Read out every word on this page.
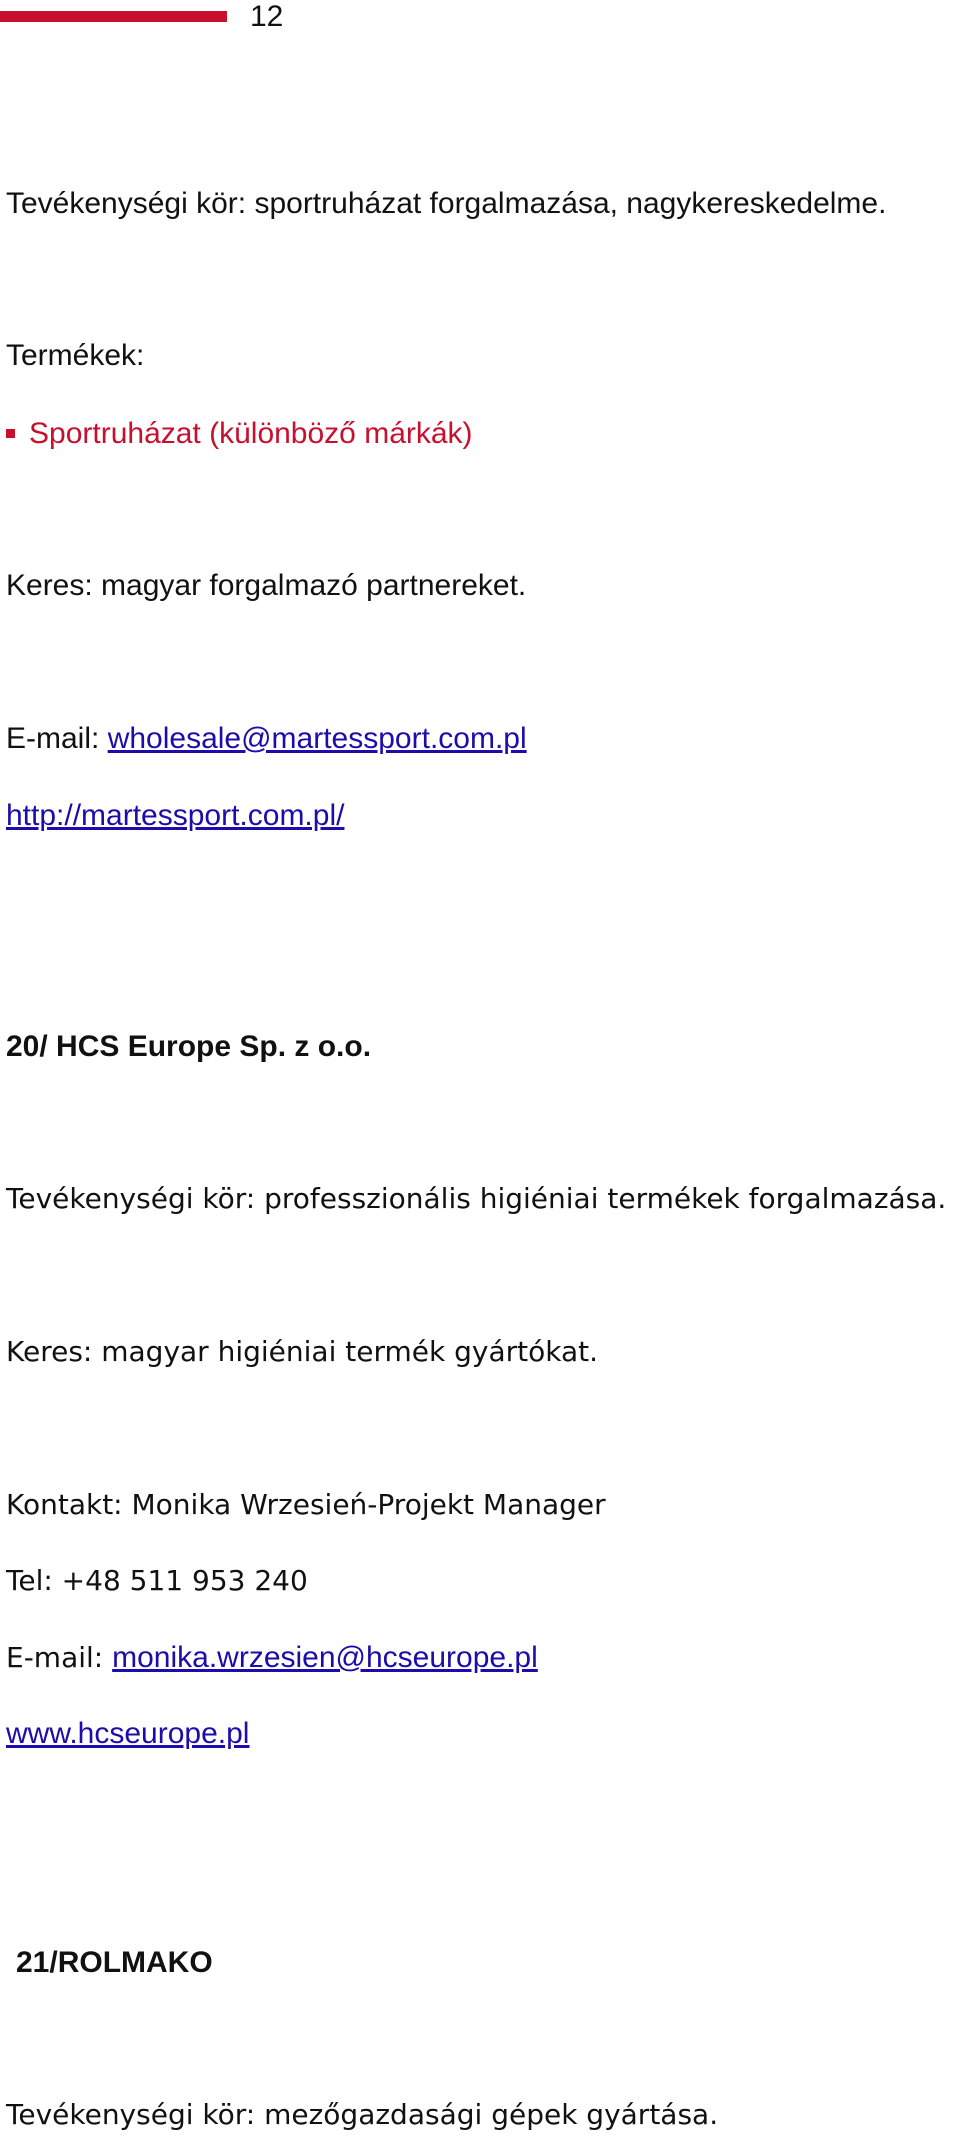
12
Tevékenységi kör: sportruházat forgalmazása, nagykereskedelme.
Termékek:
Sportruházat (különböző márkák)
Keres: magyar forgalmazó partnereket.
E-mail: wholesale@martessport.com.pl
http://martessport.com.pl/
20/ HCS Europe Sp. z o.o.
Tevékenységi kör: professzionális higiéniai termékek forgalmazása.
Keres: magyar higiéniai termék gyártókat.
Kontakt: Monika Wrzesień-Projekt Manager
Tel: +48 511 953 240
E-mail: monika.wrzesien@hcseurope.pl
www.hcseurope.pl
21/ROLMAKO
Tevékenységi kör: mezőgazdasági gépek gyártása.
